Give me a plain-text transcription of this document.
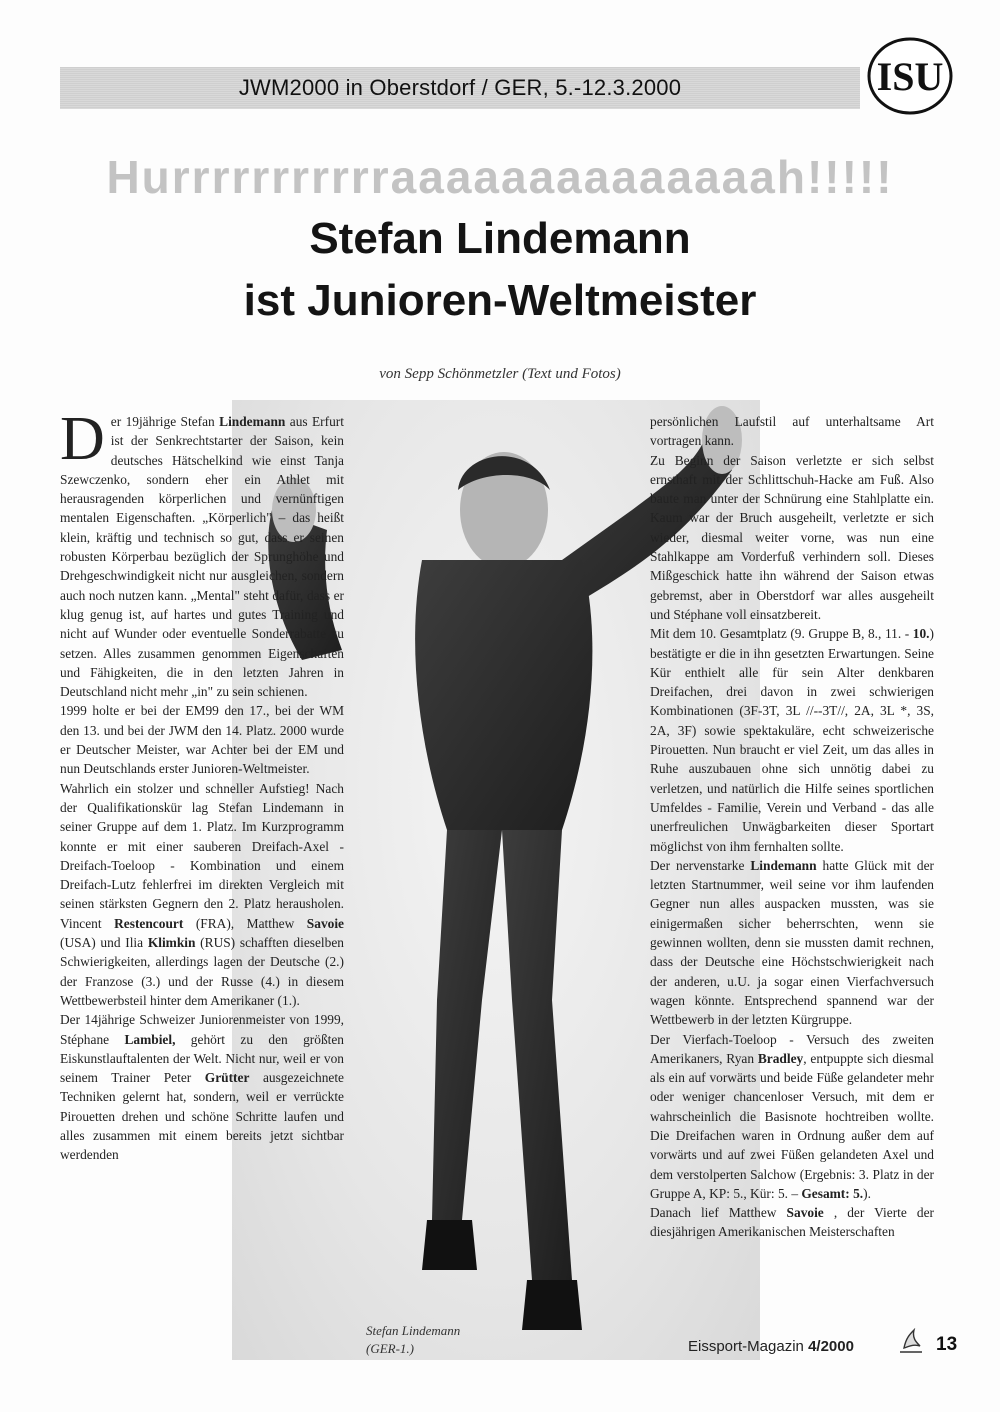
JWM2000 in Oberstdorf / GER, 5.-12.3.2000	ISU
Hurrrrrrrrrrraaaaaaaaaaaaaah!!!!!
Stefan Lindemann
ist Junioren-Weltmeister
von Sepp Schönmetzler (Text und Fotos)

Der 19jährige Stefan Lindemann aus Erfurt ist der Senkrechtstarter der Saison, kein deutsches Hätschelkind wie einst Tanja Szewczenko, sondern eher ein Athlet mit herausragenden körperlichen und vernünftigen mentalen Eigenschaften. „Körperlich" – das heißt klein, kräftig und technisch so gut, dass er seinen robusten Körperbau bezüglich der Sprunghöhe und Drehgeschwindigkeit nicht nur ausgleichen, sondern auch noch nutzen kann. „Mental" steht dafür, dass er klug genug ist, auf hartes und gutes Training und nicht auf Wunder oder eventuelle Sonderrabatte zu setzen. Alles zusammen genommen Eigenschaften und Fähigkeiten, die in den letzten Jahren in Deutschland nicht mehr „in" zu sein schienen.

1999 holte er bei der EM99 den 17., bei der WM den 13. und bei der JWM den 14. Platz. 2000 wurde er Deutscher Meister, war Achter bei der EM und nun Deutschlands erster Junioren-Weltmeister.

Wahrlich ein stolzer und schneller Aufstieg! Nach der Qualifikationskür lag Stefan Lindemann in seiner Gruppe auf dem 1. Platz. Im Kurzprogramm konnte er mit einer sauberen Dreifach-Axel - Dreifach-Toeloop - Kombination und einem Dreifach-Lutz fehlerfrei im direkten Vergleich mit seinen stärksten Gegnern den 2. Platz herausholen. Vincent Restencourt (FRA), Matthew Savoie (USA) und Ilia Klimkin (RUS) schafften dieselben Schwierigkeiten, allerdings lagen der Deutsche (2.) der Franzose (3.) und der Russe (4.) in diesem Wettbewerbsteil hinter dem Amerikaner (1.).

Der 14jährige Schweizer Juniorenmeister von 1999, Stéphane Lambiel, gehört zu den größten Eiskunstlauftalenten der Welt. Nicht nur, weil er von seinem Trainer Peter Grütter ausgezeichnete Techniken gelernt hat, sondern, weil er verrückte Pirouetten drehen und schöne Schritte laufen und alles zusammen mit einem bereits jetzt sichtbar werdenden

persönlichen Laufstil auf unterhaltsame Art vortragen kann.

Zu Beginn der Saison verletzte er sich selbst ernsthaft mit der Schlittschuh-Hacke am Fuß. Also baute man unter der Schnürung eine Stahlplatte ein. Kaum war der Bruch ausgeheilt, verletzte er sich wieder, diesmal weiter vorne, was nun eine Stahlkappe am Vorderfuß verhindern soll. Dieses Mißgeschick hatte ihn während der Saison etwas gebremst, aber in Oberstdorf war alles ausgeheilt und Stéphane voll einsatzbereit.

Mit dem 10. Gesamtplatz (9. Gruppe B, 8., 11. - 10.) bestätigte er die in ihn gesetzten Erwartungen. Seine Kür enthielt alle für sein Alter denkbaren Dreifachen, drei davon in zwei schwierigen Kombinationen (3F-3T, 3L //--3T//, 2A, 3L *, 3S, 2A, 3F) sowie spektakuläre, echt schweizerische Pirouetten. Nun braucht er viel Zeit, um das alles in Ruhe auszubauen ohne sich unnötig dabei zu verletzen, und natürlich die Hilfe seines sportlichen Umfeldes - Familie, Verein und Verband - das alle unerfreulichen Unwägbarkeiten dieser Sportart möglichst von ihm fernhalten sollte.

Der nervenstarke Lindemann hatte Glück mit der letzten Startnummer, weil seine vor ihm laufenden Gegner nun alles auspacken mussten, was sie einigermaßen sicher beherrschten, wenn sie gewinnen wollten, denn sie mussten damit rechnen, dass der Deutsche eine Höchstschwierigkeit nach der anderen, u.U. ja sogar einen Vierfachversuch wagen könnte. Entsprechend spannend war der Wettbewerb in der letzten Kürgruppe.

Der Vierfach-Toeloop - Versuch des zweiten Amerikaners, Ryan Bradley, entpuppte sich diesmal als ein auf vorwärts und beide Füße gelandeter mehr oder weniger chancenloser Versuch, mit dem er wahrscheinlich die Basisnote hochtreiben wollte. Die Dreifachen waren in Ordnung außer dem auf vorwärts und auf zwei Füßen gelandeten Axel und dem verstolperten Salchow (Ergebnis: 3. Platz in der Gruppe A, KP: 5., Kür: 5. – Gesamt: 5.).

Danach lief Matthew Savoie , der Vierte der diesjährigen Amerikanischen Meisterschaften

Stefan Lindemann
(GER-1.)	Eissport-Magazin 4/2000	13
